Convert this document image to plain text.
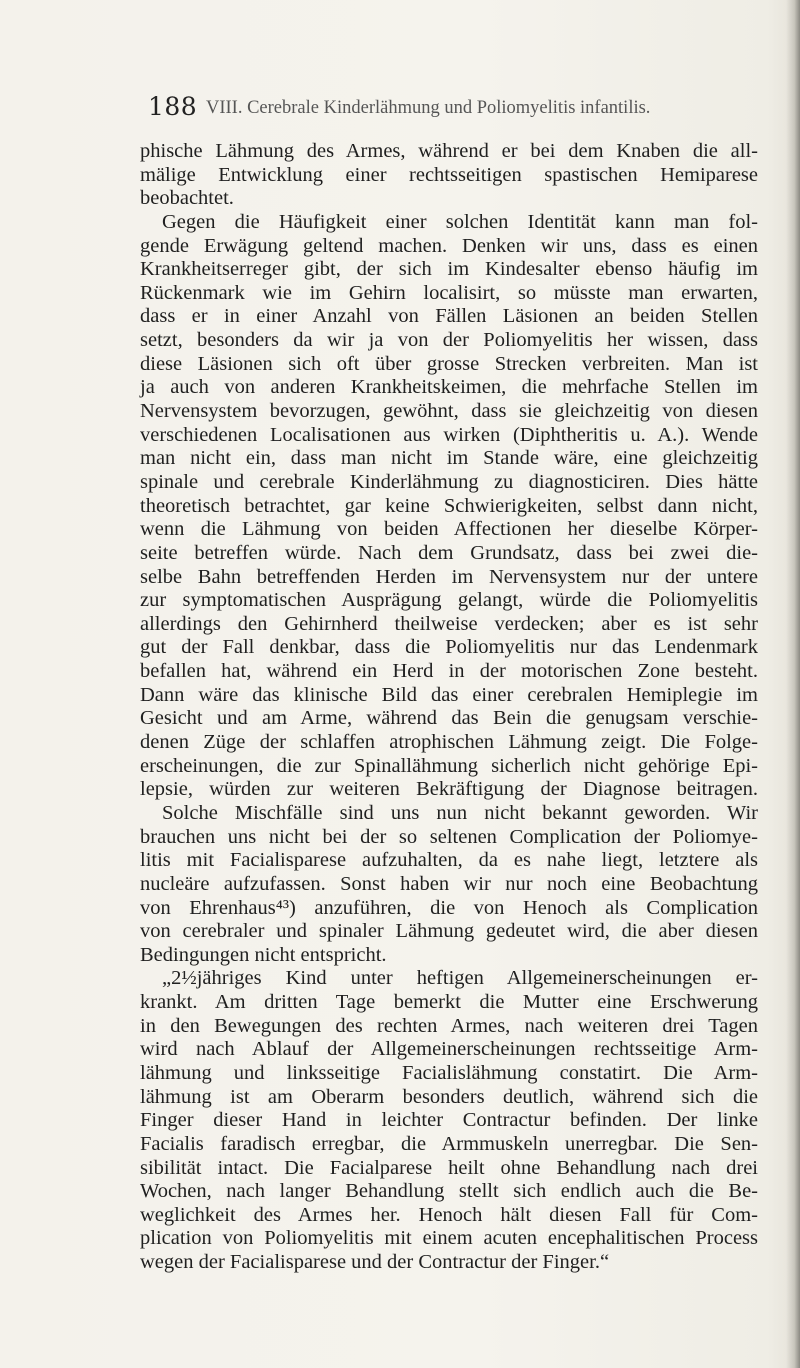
188 VIII. Cerebrale Kinderlähmung und Poliomyelitis infantilis.
phische Lähmung des Armes, während er bei dem Knaben die all-
mälige Entwicklung einer rechtsseitigen spastischen Hemiparese
beobachtet.
Gegen die Häufigkeit einer solchen Identität kann man fol-
gende Erwägung geltend machen. Denken wir uns, dass es einen
Krankheitserreger gibt, der sich im Kindesalter ebenso häufig im
Rückenmark wie im Gehirn localisirt, so müsste man erwarten,
dass er in einer Anzahl von Fällen Läsionen an beiden Stellen
setzt, besonders da wir ja von der Poliomyelitis her wissen, dass
diese Läsionen sich oft über grosse Strecken verbreiten. Man ist
ja auch von anderen Krankheitskeimen, die mehrfache Stellen im
Nervensystem bevorzugen, gewöhnt, dass sie gleichzeitig von diesen
verschiedenen Localisationen aus wirken (Diphtheritis u. A.). Wende
man nicht ein, dass man nicht im Stande wäre, eine gleichzeitig
spinale und cerebrale Kinderlähmung zu diagnosticiren. Dies hätte
theoretisch betrachtet, gar keine Schwierigkeiten, selbst dann nicht,
wenn die Lähmung von beiden Affectionen her dieselbe Körper-
seite betreffen würde. Nach dem Grundsatz, dass bei zwei die-
selbe Bahn betreffenden Herden im Nervensystem nur der untere
zur symptomatischen Ausprägung gelangt, würde die Poliomyelitis
allerdings den Gehirnherd theilweise verdecken; aber es ist sehr
gut der Fall denkbar, dass die Poliomyelitis nur das Lendenmark
befallen hat, während ein Herd in der motorischen Zone besteht.
Dann wäre das klinische Bild das einer cerebralen Hemiplegie im
Gesicht und am Arme, während das Bein die genugsam verschie-
denen Züge der schlaffen atrophischen Lähmung zeigt. Die Folge-
erscheinungen, die zur Spinallähmung sicherlich nicht gehörige Epi-
lepsie, würden zur weiteren Bekräftigung der Diagnose beitragen.
Solche Mischfälle sind uns nun nicht bekannt geworden. Wir
brauchen uns nicht bei der so seltenen Complication der Poliomye-
litis mit Facialisparese aufzuhalten, da es nahe liegt, letztere als
nucleäre aufzufassen. Sonst haben wir nur noch eine Beobachtung
von Ehrenhaus⁴³) anzuführen, die von Henoch als Complication
von cerebraler und spinaler Lähmung gedeutet wird, die aber diesen
Bedingungen nicht entspricht.
„2½jähriges Kind unter heftigen Allgemeinerscheinungen er-
krankt. Am dritten Tage bemerkt die Mutter eine Erschwerung
in den Bewegungen des rechten Armes, nach weiteren drei Tagen
wird nach Ablauf der Allgemeinerscheinungen rechtsseitige Arm-
lähmung und linksseitige Facialislähmung constatirt. Die Arm-
lähmung ist am Oberarm besonders deutlich, während sich die
Finger dieser Hand in leichter Contractur befinden. Der linke
Facialis faradisch erregbar, die Armmuskeln unerregbar. Die Sen-
sibilität intact. Die Facialparese heilt ohne Behandlung nach drei
Wochen, nach langer Behandlung stellt sich endlich auch die Be-
weglichkeit des Armes her. Henoch hält diesen Fall für Com-
plication von Poliomyelitis mit einem acuten encephalitischen Process
wegen der Facialisparese und der Contractur der Finger.“
